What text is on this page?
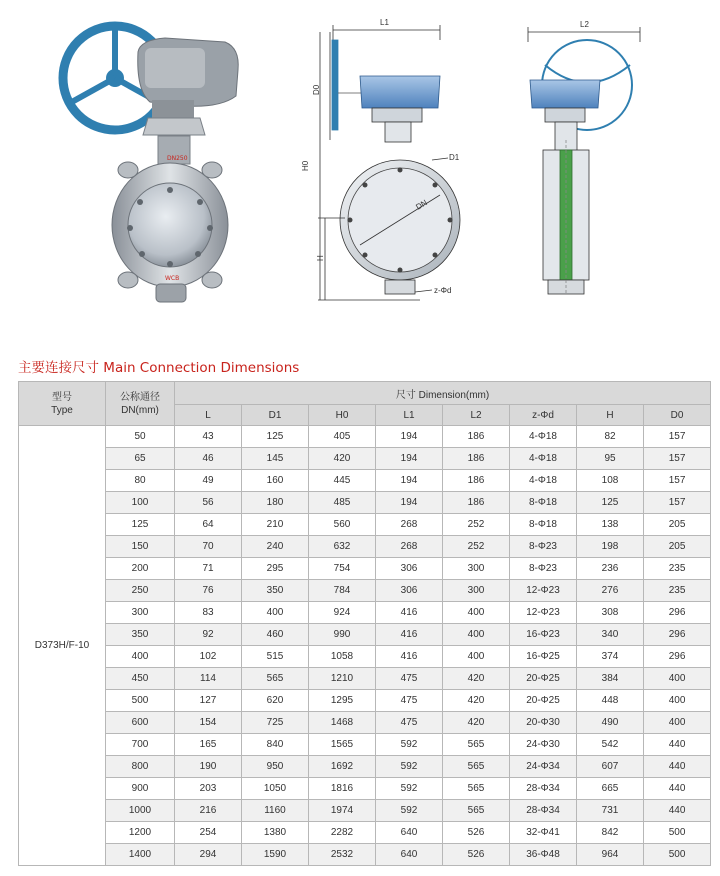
DN250
WCB
L1
D0
H0
H
D1
DN
z-Φd
L2
主要连接尺寸 Main Connection Dimensions
型号
Type	公称通径
DN(mm)	尺寸 Dimension(mm)							
		L	D1	H0	L1	L2	z-Φd	H	D0
D373H/F-10	50	43	125	405	194	186	4-Φ18	82	157
	65	46	145	420	194	186	4-Φ18	95	157
	80	49	160	445	194	186	4-Φ18	108	157
	100	56	180	485	194	186	8-Φ18	125	157
	125	64	210	560	268	252	8-Φ18	138	205
	150	70	240	632	268	252	8-Φ23	198	205
	200	71	295	754	306	300	8-Φ23	236	235
	250	76	350	784	306	300	12-Φ23	276	235
	300	83	400	924	416	400	12-Φ23	308	296
	350	92	460	990	416	400	16-Φ23	340	296
	400	102	515	1058	416	400	16-Φ25	374	296
	450	114	565	1210	475	420	20-Φ25	384	400
	500	127	620	1295	475	420	20-Φ25	448	400
	600	154	725	1468	475	420	20-Φ30	490	400
	700	165	840	1565	592	565	24-Φ30	542	440
	800	190	950	1692	592	565	24-Φ34	607	440
	900	203	1050	1816	592	565	28-Φ34	665	440
	1000	216	1160	1974	592	565	28-Φ34	731	440
	1200	254	1380	2282	640	526	32-Φ41	842	500
	1400	294	1590	2532	640	526	36-Φ48	964	500
